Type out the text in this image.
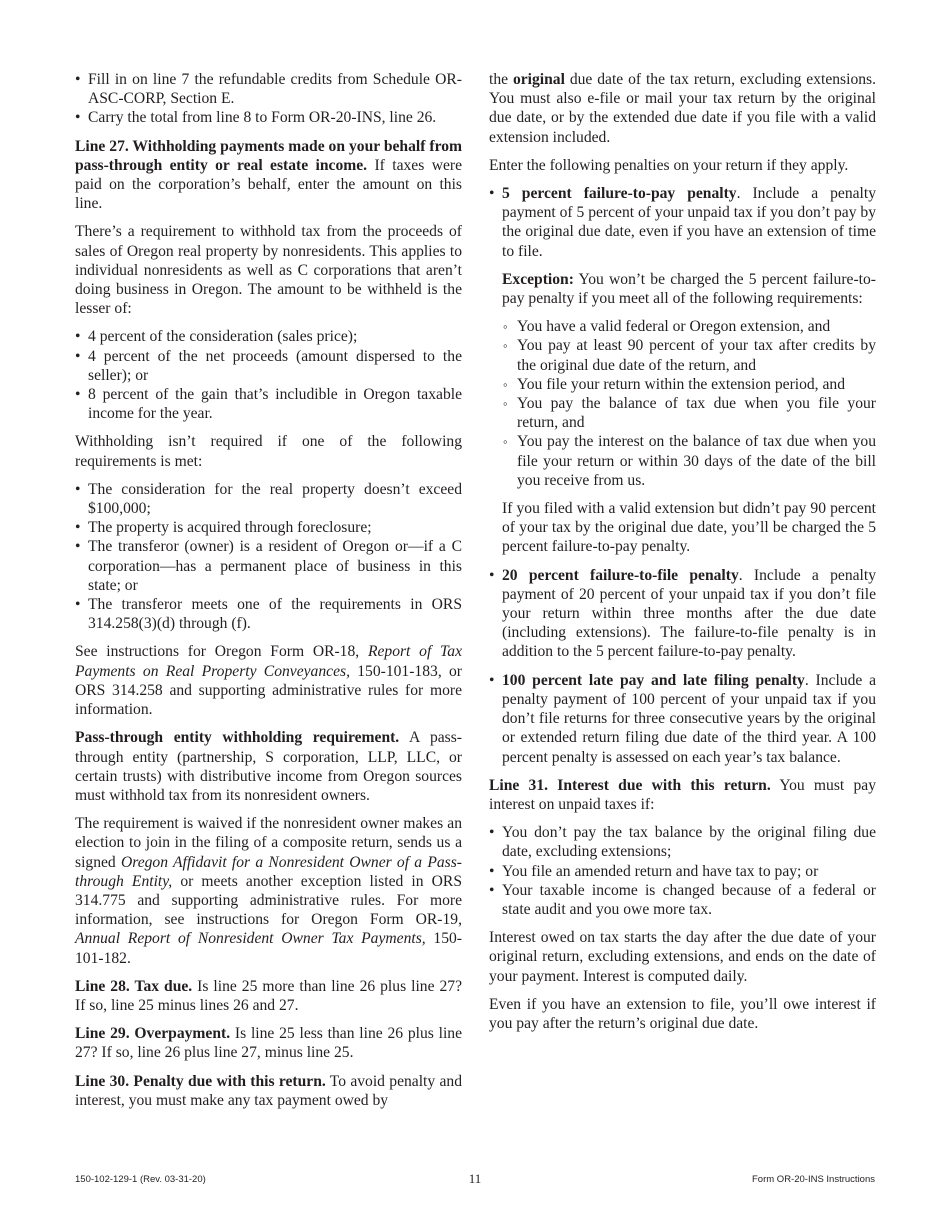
• Fill in on line 7 the refundable credits from Schedule OR-ASC-CORP, Section E.
• Carry the total from line 8 to Form OR-20-INS, line 26.

Line 27. Withholding payments made on your behalf from pass-through entity or real estate income. If taxes were paid on the corporation’s behalf, enter the amount on this line.

There’s a requirement to withhold tax from the proceeds of sales of Oregon real property by nonresidents. This applies to individual nonresidents as well as C corporations that aren’t doing business in Oregon. The amount to be withheld is the lesser of:

• 4 percent of the consideration (sales price);
• 4 percent of the net proceeds (amount dispersed to the seller); or
• 8 percent of the gain that’s includible in Oregon taxable income for the year.

Withholding isn’t required if one of the following requirements is met:

• The consideration for the real property doesn’t exceed $100,000;
• The property is acquired through foreclosure;
• The transferor (owner) is a resident of Oregon or—if a C corporation—has a permanent place of business in this state; or
• The transferor meets one of the requirements in ORS 314.258(3)(d) through (f).

See instructions for Oregon Form OR-18, Report of Tax Payments on Real Property Conveyances, 150-101-183, or ORS 314.258 and supporting administrative rules for more information.

Pass-through entity withholding requirement. A pass-through entity (partnership, S corporation, LLP, LLC, or certain trusts) with distributive income from Oregon sources must withhold tax from its nonresident owners.

The requirement is waived if the nonresident owner makes an election to join in the filing of a composite return, sends us a signed Oregon Affidavit for a Nonresident Owner of a Pass-through Entity, or meets another exception listed in ORS 314.775 and supporting administrative rules. For more information, see instructions for Oregon Form OR-19, Annual Report of Nonresident Owner Tax Payments, 150-101-182.

Line 28. Tax due. Is line 25 more than line 26 plus line 27? If so, line 25 minus lines 26 and 27.

Line 29. Overpayment. Is line 25 less than line 26 plus line 27? If so, line 26 plus line 27, minus line 25.

Line 30. Penalty due with this return. To avoid penalty and interest, you must make any tax payment owed by

the original due date of the tax return, excluding extensions. You must also e-file or mail your tax return by the original due date, or by the extended due date if you file with a valid extension included.

Enter the following penalties on your return if they apply.

• 5 percent failure-to-pay penalty. Include a penalty payment of 5 percent of your unpaid tax if you don’t pay by the original due date, even if you have an extension of time to file.

Exception: You won’t be charged the 5 percent failure-to-pay penalty if you meet all of the following requirements:

◦ You have a valid federal or Oregon extension, and
◦ You pay at least 90 percent of your tax after credits by the original due date of the return, and
◦ You file your return within the extension period, and
◦ You pay the balance of tax due when you file your return, and
◦ You pay the interest on the balance of tax due when you file your return or within 30 days of the date of the bill you receive from us.

If you filed with a valid extension but didn’t pay 90 percent of your tax by the original due date, you’ll be charged the 5 percent failure-to-pay penalty.

• 20 percent failure-to-file penalty. Include a penalty payment of 20 percent of your unpaid tax if you don’t file your return within three months after the due date (including extensions). The failure-to-file penalty is in addition to the 5 percent failure-to-pay penalty.

• 100 percent late pay and late filing penalty. Include a penalty payment of 100 percent of your unpaid tax if you don’t file returns for three consecutive years by the original or extended return filing due date of the third year. A 100 percent penalty is assessed on each year’s tax balance.

Line 31. Interest due with this return. You must pay interest on unpaid taxes if:

• You don’t pay the tax balance by the original filing due date, excluding extensions;
• You file an amended return and have tax to pay; or
• Your taxable income is changed because of a federal or state audit and you owe more tax.

Interest owed on tax starts the day after the due date of your original return, excluding extensions, and ends on the date of your payment. Interest is computed daily.

Even if you have an extension to file, you’ll owe interest if you pay after the return’s original due date.

150-102-129-1 (Rev. 03-31-20)	11	Form OR-20-INS Instructions
